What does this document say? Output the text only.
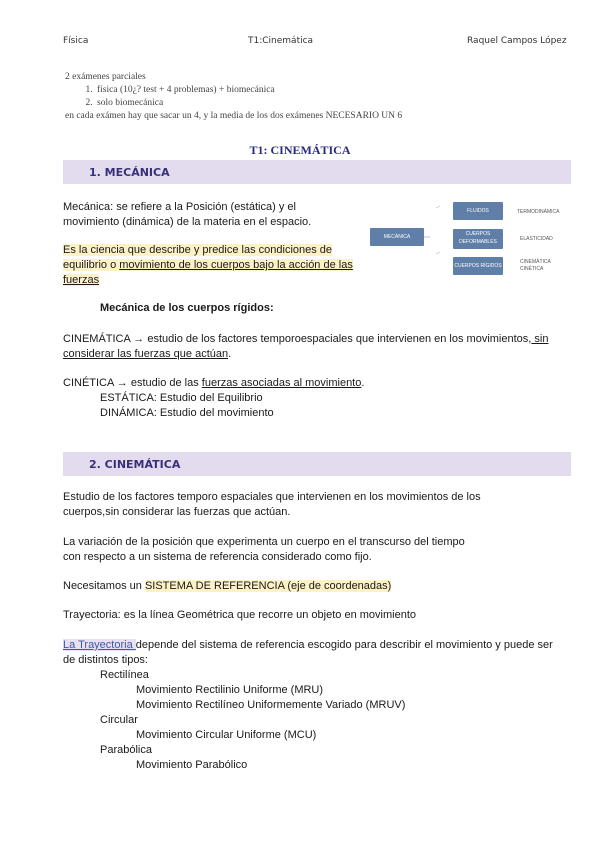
Física	T1:Cinemática	Raquel Campos López
2 exámenes parciales
1. física (10¿? test + 4 problemas) + biomecánica
2. solo biomecánica
en cada exámen hay que sacar un 4, y la media de los dos exámenes NECESARIO UN 6
T1: CINEMÁTICA
1. MECÁNICA
Mecánica: se refiere a la Posición (estática) y el
movimiento (dinámica) de la materia en el espacio.
Es la ciencia que describe y predice las condiciones de
equilibrio o movimiento de los cuerpos bajo la acción de las
fuerzas
MECÁNICA
FLUIDOS
CUERPOS DEFORMABLES
CUERPOS RÍGIDOS
TERMODINÁMICA
ELASTICIDAD
CINEMÁTICA
CINÉTICA
Mecánica de los cuerpos rígidos:
CINEMÁTICA → estudio de los factores temporoespaciales que intervienen en los movimientos, sin
considerar las fuerzas que actúan.
CINÉTICA → estudio de las fuerzas asociadas al movimiento.
ESTÁTICA: Estudio del Equilibrio
DINÁMICA: Estudio del movimiento
2. CINEMÁTICA
Estudio de los factores temporo espaciales que intervienen en los movimientos de los
cuerpos,sin considerar las fuerzas que actúan.
La variación de la posición que experimenta un cuerpo en el transcurso del tiempo
con respecto a un sistema de referencia considerado como fijo.
Necesitamos un SISTEMA DE REFERENCIA (eje de coordenadas)
Trayectoria: es la línea Geométrica que recorre un objeto en movimiento
La Trayectoria depende del sistema de referencia escogido para describir el movimiento y puede ser
de distintos tipos:
Rectilínea
Movimiento Rectilinio Uniforme (MRU)
Movimiento Rectilíneo Uniformemente Variado (MRUV)
Circular
Movimiento Circular Uniforme (MCU)
Parabólica
Movimiento Parabólico
